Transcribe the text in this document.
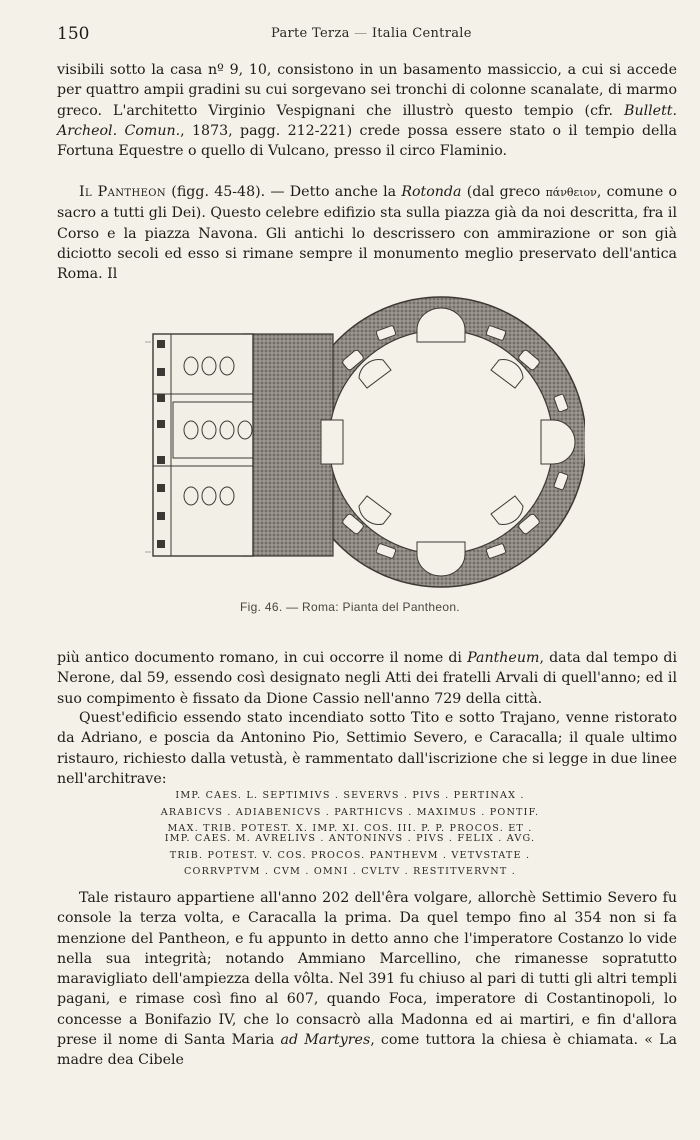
150	Parte Terza — Italia Centrale

visibili sotto la casa nº 9, 10, consistono in un basamento massiccio, a cui si accede per quattro ampii gradini su cui sorgevano sei tronchi di colonne scanalate, di marmo greco. L'architetto Virginio Vespignani che illustrò questo tempio (cfr. Bullett. Archeol. Comun., 1873, pagg. 212-221) crede possa essere stato o il tempio della Fortuna Equestre o quello di Vulcano, presso il circo Flaminio.

Il Pantheon (figg. 45-48). — Detto anche la Rotonda (dal greco πάνθειον, comune o sacro a tutti gli Dei). Questo celebre edifizio sta sulla piazza già da noi descritta, fra il Corso e la piazza Navona. Gli antichi lo descrissero con ammirazione or son già diciotto secoli ed esso si rimane sempre il monumento meglio preservato dell'antica Roma. Il

Fig. 46. — Roma: Pianta del Pantheon.

più antico documento romano, in cui occorre il nome di Pantheum, data dal tempo di Nerone, dal 59, essendo così designato negli Atti dei fratelli Arvali di quell'anno; ed il suo compimento è fissato da Dione Cassio nell'anno 729 della città.

Quest'edificio essendo stato incendiato sotto Tito e sotto Trajano, venne ristorato da Adriano, e poscia da Antonino Pio, Settimio Severo, e Caracalla; il quale ultimo ristauro, richiesto dalla vetustà, è rammentato dall'iscrizione che si legge in due linee nell'architrave:

IMP. CAES. L. SEPTIMIVS . SEVERVS . PIVS . PERTINAX .
ARABICVS . ADIABENICVS . PARTHICVS . MAXIMUS . PONTIF.
MAX. TRIB. POTEST. X. IMP. XI. COS. III. P. P. PROCOS. ET .
IMP. CAES. M. AVRELIVS . ANTONINVS . PIVS . FELIX . AVG.
TRIB. POTEST. V. COS. PROCOS. PANTHEVM . VETVSTATE .
CORRVPTVM . CVM . OMNI . CVLTV . RESTITVERVNT .

Tale ristauro appartiene all'anno 202 dell'êra volgare, allorchè Settimio Severo fu console la terza volta, e Caracalla la prima. Da quel tempo fino al 354 non si fa menzione del Pantheon, e fu appunto in detto anno che l'imperatore Costanzo lo vide nella sua integrità; notando Ammiano Marcellino, che rimanesse sopratutto maravigliato dell'ampiezza della vôlta. Nel 391 fu chiuso al pari di tutti gli altri templi pagani, e rimase così fino al 607, quando Foca, imperatore di Costantinopoli, lo concesse a Bonifazio IV, che lo consacrò alla Madonna ed ai martiri, e fin d'allora prese il nome di Santa Maria ad Martyres, come tuttora la chiesa è chiamata. « La madre dea Cibele
